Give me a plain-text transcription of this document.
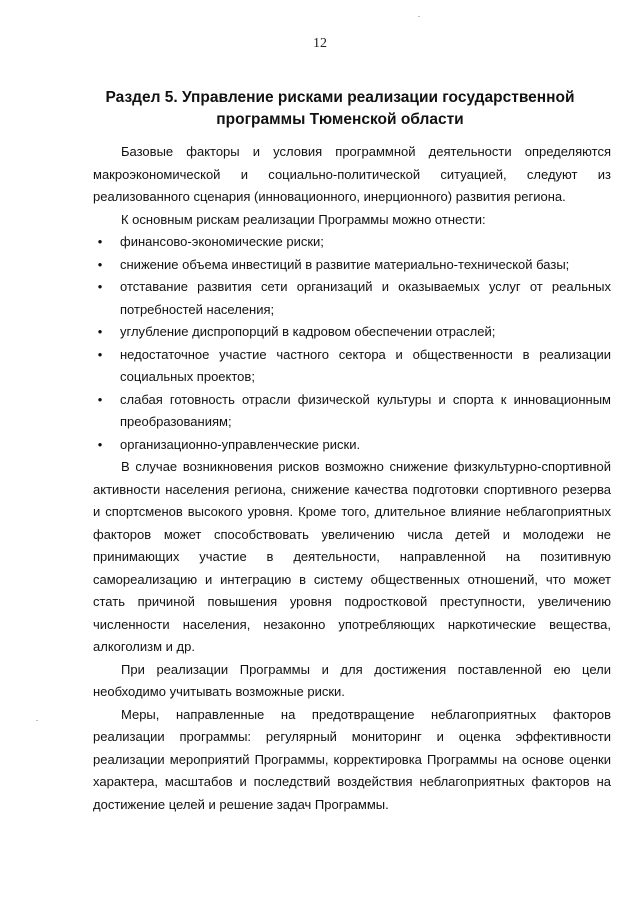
12
Раздел 5. Управление рисками реализации государственной
программы Тюменской области

Базовые факторы и условия программной деятельности определяются макроэкономической и социально-политической ситуацией, следуют из реализованного сценария (инновационного, инерционного) развития региона.

К основным рискам реализации Программы можно отнести:

•	финансово-экономические риски;
•	снижение объема инвестиций в развитие материально-технической базы;
•	отставание развития сети организаций и оказываемых услуг от реальных потребностей населения;
•	углубление диспропорций в кадровом обеспечении отраслей;
•	недостаточное участие частного сектора и общественности в реализации социальных проектов;
•	слабая готовность отрасли физической культуры и спорта к инновационным преобразованиям;
•	организационно-управленческие риски.

В случае возникновения рисков возможно снижение физкультурно-спортивной активности населения региона, снижение качества подготовки спортивного резерва и спортсменов высокого уровня. Кроме того, длительное влияние неблагоприятных факторов может способствовать увеличению числа детей и молодежи не принимающих участие в деятельности, направленной на позитивную самореализацию и интеграцию в систему общественных отношений, что может стать причиной повышения уровня подростковой преступности, увеличению численности населения, незаконно употребляющих наркотические вещества, алкоголизм и др.

При реализации Программы и для достижения поставленной ею цели необходимо учитывать возможные риски.

Меры, направленные на предотвращение неблагоприятных факторов реализации программы: регулярный мониторинг и оценка эффективности реализации мероприятий Программы, корректировка Программы на основе оценки характера, масштабов и последствий воздействия неблагоприятных факторов на достижение целей и решение задач Программы.
